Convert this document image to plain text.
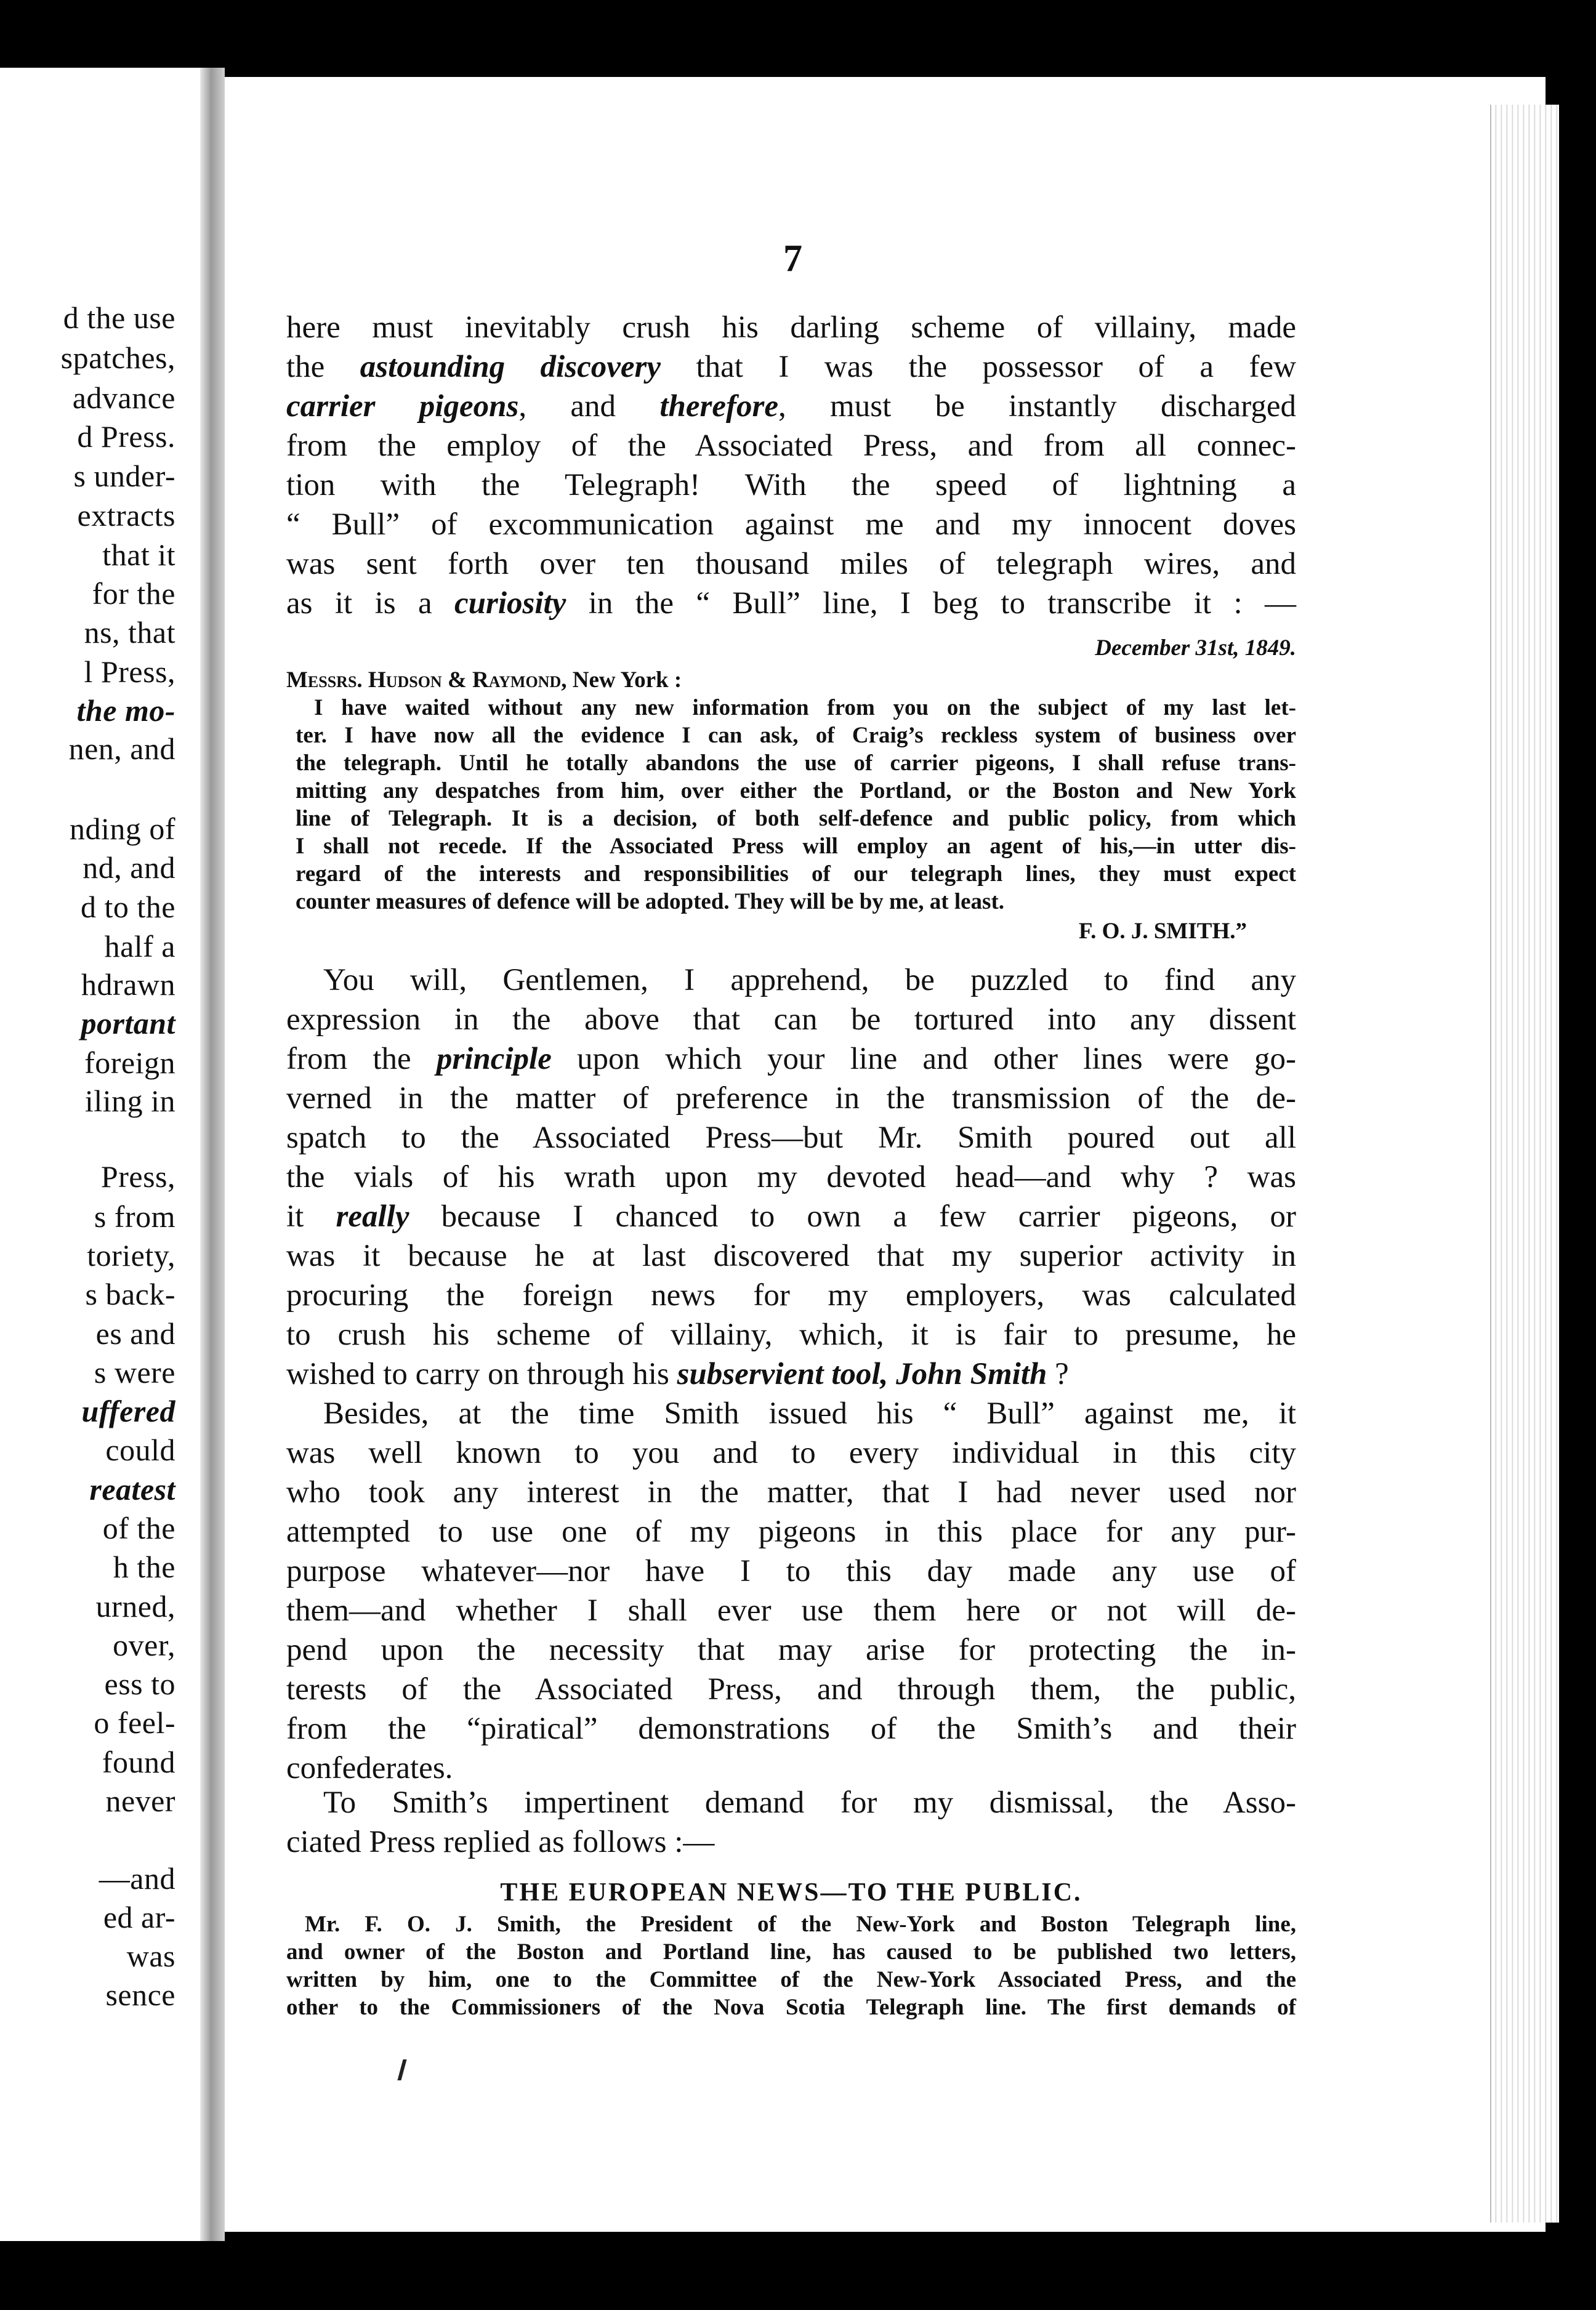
d the use
spatches,
advance
d Press.
s under-
extracts
that it
for the
ns, that
l Press,
the mo-
nen, and
nding of
nd, and
d to the
half a
hdrawn
portant
foreign
iling in
Press,
s from
toriety,
s back-
es and
s were
uffered
could
reatest
of the
h the
urned,
over,
ess to
o feel-
found
never
—and
ed ar-
was
sence
7
here must inevitably crush his darling scheme of villainy, made
the astounding discovery that I was the possessor of a few
carrier pigeons, and therefore, must be instantly discharged
from the employ of the Associated Press, and from all connec-
tion with the Telegraph! With the speed of lightning a
“ Bull” of excommunication against me and my innocent doves
was sent forth over ten thousand miles of telegraph wires, and
as it is a curiosity in the “ Bull” line, I beg to transcribe it : —
December 31st, 1849.
Messrs. Hudson & Raymond, New York :
I have waited without any new information from you on the subject of my last let-
ter. I have now all the evidence I can ask, of Craig’s reckless system of business over
the telegraph. Until he totally abandons the use of carrier pigeons, I shall refuse trans-
mitting any despatches from him, over either the Portland, or the Boston and New York
line of Telegraph. It is a decision, of both self-defence and public policy, from which
I shall not recede. If the Associated Press will employ an agent of his,—in utter dis-
regard of the interests and responsibilities of our telegraph lines, they must expect
counter measures of defence will be adopted. They will be by me, at least.
F. O. J. SMITH.”
You will, Gentlemen, I apprehend, be puzzled to find any
expression in the above that can be tortured into any dissent
from the principle upon which your line and other lines were go-
verned in the matter of preference in the transmission of the de-
spatch to the Associated Press—but Mr. Smith poured out all
the vials of his wrath upon my devoted head—and why ? was
it really because I chanced to own a few carrier pigeons, or
was it because he at last discovered that my superior activity in
procuring the foreign news for my employers, was calculated
to crush his scheme of villainy, which, it is fair to presume, he
wished to carry on through his subservient tool, John Smith ?
Besides, at the time Smith issued his “ Bull” against me, it
was well known to you and to every individual in this city
who took any interest in the matter, that I had never used nor
attempted to use one of my pigeons in this place for any pur-
purpose whatever—nor have I to this day made any use of
them—and whether I shall ever use them here or not will de-
pend upon the necessity that may arise for protecting the in-
terests of the Associated Press, and through them, the public,
from the “piratical” demonstrations of the Smith’s and their
confederates.
To Smith’s impertinent demand for my dismissal, the Asso-
ciated Press replied as follows :—
THE EUROPEAN NEWS—TO THE PUBLIC.
Mr. F. O. J. Smith, the President of the New-York and Boston Telegraph line,
and owner of the Boston and Portland line, has caused to be published two letters,
written by him, one to the Committee of the New-York Associated Press, and the
other to the Commissioners of the Nova Scotia Telegraph line. The first demands of
